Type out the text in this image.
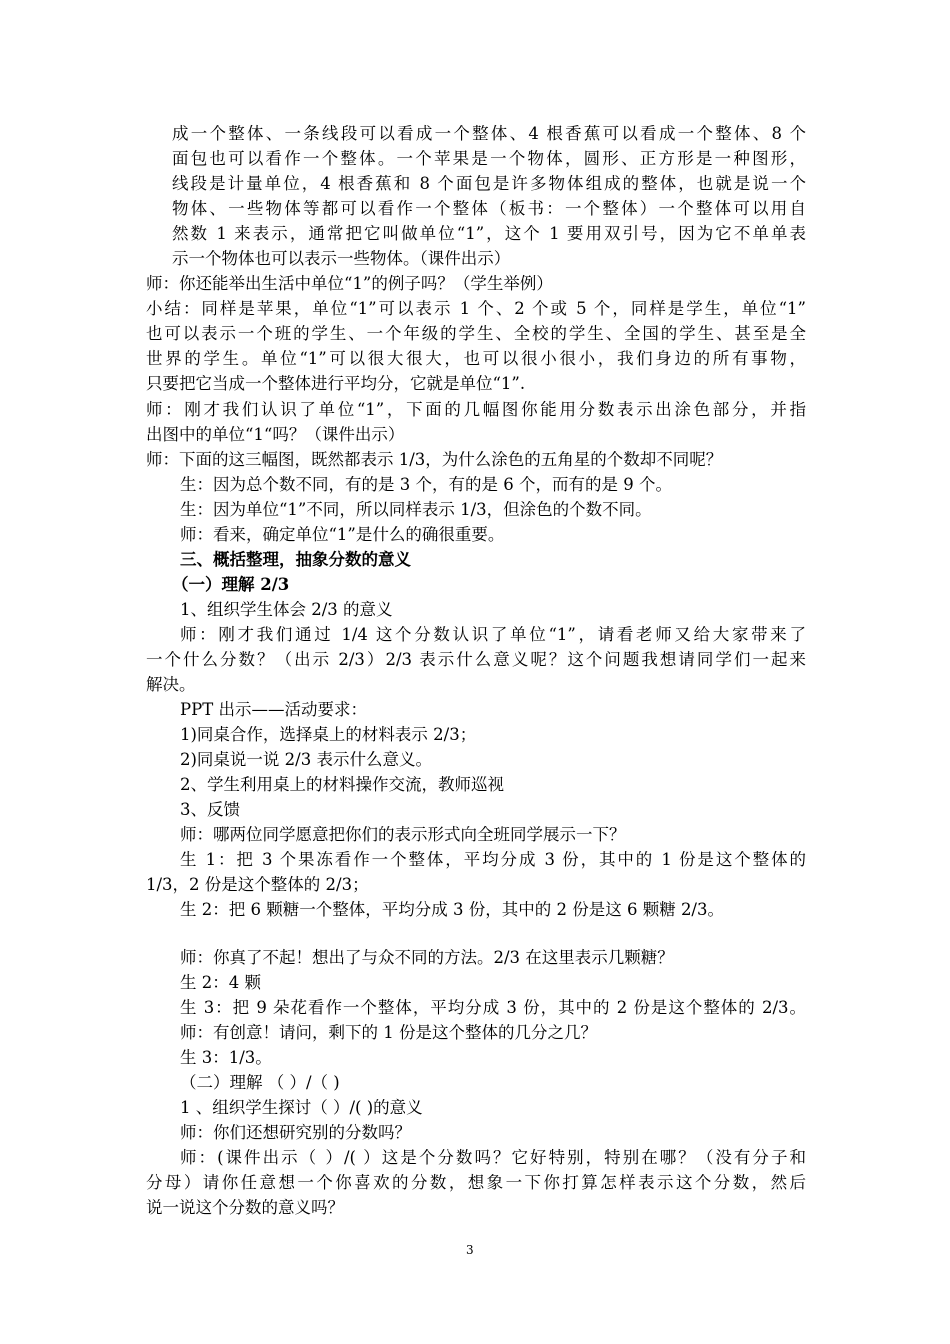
成一个整体、一条线段可以看成一个整体、4 根香蕉可以看成一个整体、8 个
面包也可以看作一个整体。一个苹果是一个物体，圆形、正方形是一种图形，
线段是计量单位，4 根香蕉和 8 个面包是许多物体组成的整体，也就是说一个
物体、一些物体等都可以看作一个整体（板书：一个整体）一个整体可以用自
然数 1 来表示，通常把它叫做单位“1”，这个 1 要用双引号，因为它不单单表
示一个物体也可以表示一些物体。（课件出示）
师：你还能举出生活中单位“1”的例子吗？（学生举例）
小结：同样是苹果，单位“1”可以表示 1 个、2 个或 5 个，同样是学生，单位“1”
也可以表示一个班的学生、一个年级的学生、全校的学生、全国的学生、甚至是全
世界的学生。单位“1”可以很大很大，也可以很小很小，我们身边的所有事物，
只要把它当成一个整体进行平均分，它就是单位“1”.
师：刚才我们认识了单位“1”，下面的几幅图你能用分数表示出涂色部分，并指
出图中的单位“1“吗？（课件出示）
师：下面的这三幅图，既然都表示 1/3，为什么涂色的五角星的个数却不同呢？
生：因为总个数不同，有的是 3 个，有的是 6 个，而有的是 9 个。
生：因为单位“1”不同，所以同样表示 1/3，但涂色的个数不同。
师：看来，确定单位“1”是什么的确很重要。
三、概括整理，抽象分数的意义
（一）理解 2/3
1、组织学生体会 2/3 的意义
师：刚才我们通过 1/4 这个分数认识了单位“1”，请看老师又给大家带来了
一个什么分数？（出示 2/3）2/3 表示什么意义呢？这个问题我想请同学们一起来
解决。
PPT 出示——活动要求：
1)同桌合作，选择桌上的材料表示 2/3；
2)同桌说一说 2/3 表示什么意义。
2、学生利用桌上的材料操作交流，教师巡视
3、反馈
师：哪两位同学愿意把你们的表示形式向全班同学展示一下？
生 1：把 3 个果冻看作一个整体，平均分成 3 份，其中的 1 份是这个整体的
1/3，2 份是这个整体的 2/3；
生 2：把 6 颗糖一个整体，平均分成 3 份，其中的 2 份是这 6 颗糖 2/3。
师：你真了不起！想出了与众不同的方法。2/3 在这里表示几颗糖？
生 2：4 颗
生 3：把 9 朵花看作一个整体，平均分成 3 份，其中的 2 份是这个整体的 2/3。
师：有创意！请问，剩下的 1 份是这个整体的几分之几？
生 3：1/3。
（二）理解 （ ）/（ )
1 、组织学生探讨（ ）/( )的意义
师：你们还想研究别的分数吗？
师：(课件出示（ ）/( ）这是个分数吗？它好特别，特别在哪？（没有分子和
分母）请你任意想一个你喜欢的分数，想象一下你打算怎样表示这个分数，然后
说一说这个分数的意义吗？
3
